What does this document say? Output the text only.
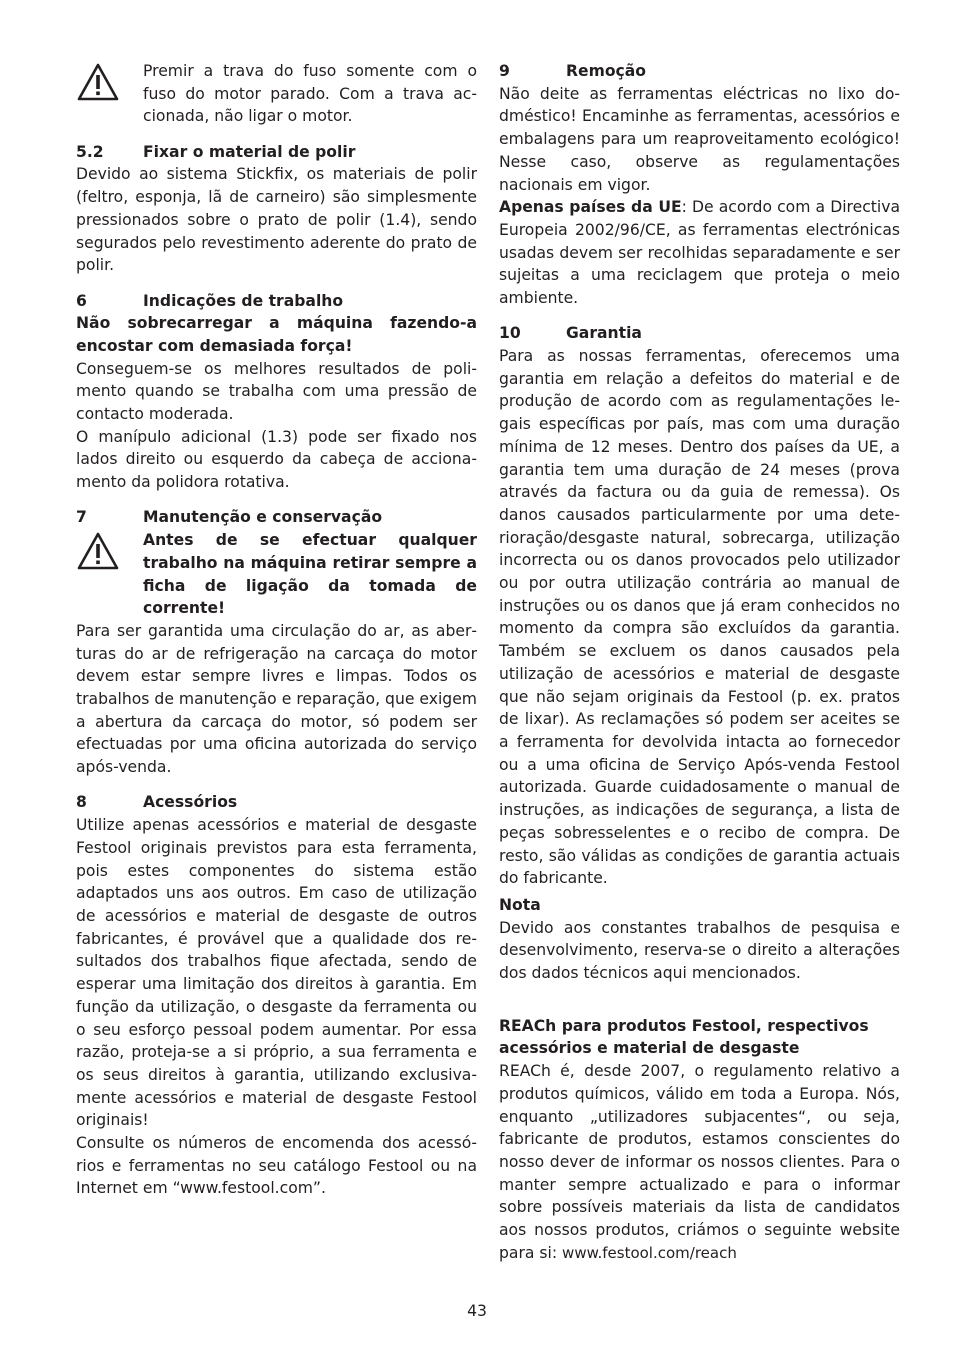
Premir a trava do fuso somente com o fuso do motor parado. Com a trava accionada, não ligar o motor.

5.2	Fixar o material de polir

Devido ao sistema Stickfix, os materiais de polir (feltro, esponja, lã de carneiro) são simplesmente pressionados sobre o prato de polir (1.4), sendo segurados pelo revestimento aderente do prato de polir.

6	Indicações de trabalho

Não sobrecarregar a máquina fazendo-a encostar com demasiada força!

Conseguem-se os melhores resultados de polimento quando se trabalha com uma pressão de contacto moderada.

O manípulo adicional (1.3) pode ser fixado nos lados direito ou esquerdo da cabeça de accionamento da polidora rotativa.

7	Manutenção e conservação

Antes de se efectuar qualquer trabalho na máquina retirar sempre a ficha de ligação da tomada de corrente!

Para ser garantida uma circulação do ar, as aberturas do ar de refrigeração na carcaça do motor devem estar sempre livres e limpas. Todos os trabalhos de manutenção e reparação, que exigem a abertura da carcaça do motor, só podem ser efectuadas por uma oficina autorizada do serviço após-venda.

8	Acessórios

Utilize apenas acessórios e material de desgaste Festool originais previstos para esta ferramenta, pois estes componentes do sistema estão adaptados uns aos outros. Em caso de utilização de acessórios e material de desgaste de outros fabricantes, é provável que a qualidade dos resultados dos trabalhos fique afectada, sendo de esperar uma limitação dos direitos à garantia. Em função da utilização, o desgaste da ferramenta ou o seu esforço pessoal podem aumentar. Por essa razão, proteja-se a si próprio, a sua ferramenta e os seus direitos à garantia, utilizando exclusivamente acessórios e material de desgaste Festool originais!

Consulte os números de encomenda dos acessórios e ferramentas no seu catálogo Festool ou na Internet em “www.festool.com”.

9	Remoção

Não deite as ferramentas eléctricas no lixo dodméstico! Encaminhe as ferramentas, acessórios e embalagens para um reaproveitamento ecológico! Nesse caso, observe as regulamentações nacionais em vigor.

Apenas países da UE: De acordo com a Directiva Europeia 2002/96/CE, as ferramentas electrónicas usadas devem ser recolhidas separadamente e ser sujeitas a uma reciclagem que proteja o meio ambiente.

10	Garantia

Para as nossas ferramentas, oferecemos uma garantia em relação a defeitos do material e de produção de acordo com as regulamentações legais específicas por país, mas com uma duração mínima de 12 meses. Dentro dos países da UE, a garantia tem uma duração de 24 meses (prova através da factura ou da guia de remessa). Os danos causados particularmente por uma deterioração/desgaste natural, sobrecarga, utilização incorrecta ou os danos provocados pelo utilizador ou por outra utilização contrária ao manual de instruções ou os danos que já eram conhecidos no momento da compra são excluídos da garantia. Também se excluem os danos causados pela utilização de acessórios e material de desgaste que não sejam originais da Festool (p. ex. pratos de lixar). As reclamações só podem ser aceites se a ferramenta for devolvida intacta ao fornecedor ou a uma oficina de Serviço Após-venda Festool autorizada. Guarde cuidadosamente o manual de instruções, as indicações de segurança, a lista de peças sobresselentes e o recibo de compra. De resto, são válidas as condições de garantia actuais do fabricante.

Nota

Devido aos constantes trabalhos de pesquisa e desenvolvimento, reserva-se o direito a alterações dos dados técnicos aqui mencionados.

REACh para produtos Festool, respectivos acessórios e material de desgaste

REACh é, desde 2007, o regulamento relativo a produtos químicos, válido em toda a Europa. Nós, enquanto „utilizadores subjacentes“, ou seja, fabricante de produtos, estamos conscientes do nosso dever de informar os nossos clientes. Para o manter sempre actualizado e para o informar sobre possíveis materiais da lista de candidatos aos nossos produtos, criámos o seguinte website para si: www.festool.com/reach

43
